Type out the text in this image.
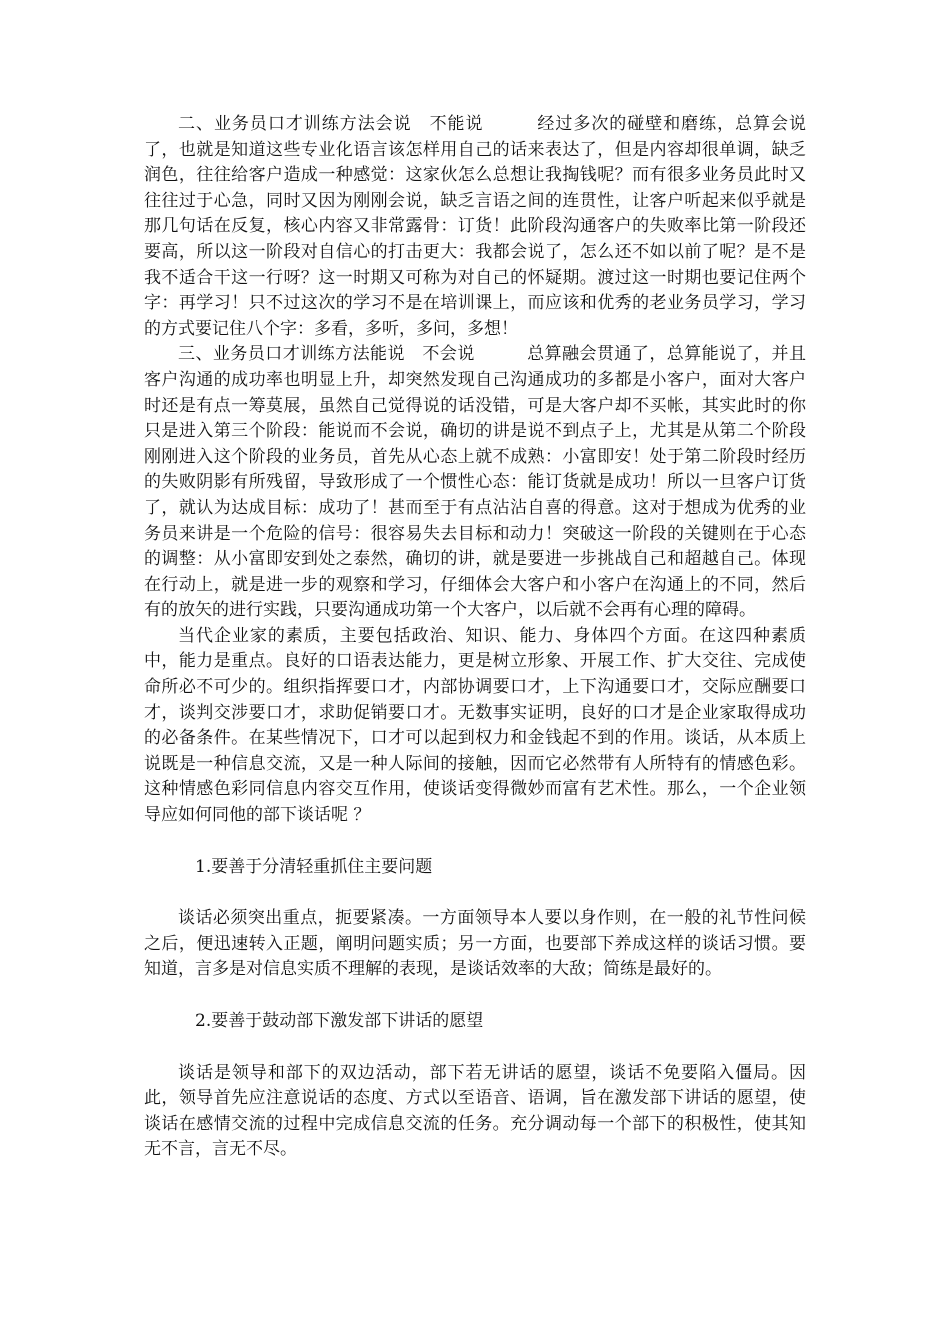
二、业务员口才训练方法会说　不能说　　　经过多次的碰壁和磨练，总算会说了，也就是知道这些专业化语言该怎样用自己的话来表达了，但是内容却很单调，缺乏润色，往往给客户造成一种感觉：这家伙怎么总想让我掏钱呢？而有很多业务员此时又往往过于心急，同时又因为刚刚会说，缺乏言语之间的连贯性，让客户听起来似乎就是那几句话在反复，核心内容又非常露骨：订货！此阶段沟通客户的失败率比第一阶段还要高，所以这一阶段对自信心的打击更大：我都会说了，怎么还不如以前了呢？是不是我不适合干这一行呀？这一时期又可称为对自己的怀疑期。渡过这一时期也要记住两个字：再学习！只不过这次的学习不是在培训课上，而应该和优秀的老业务员学习，学习的方式要记住八个字：多看，多听，多问，多想！

三、业务员口才训练方法能说　不会说　　　总算融会贯通了，总算能说了，并且客户沟通的成功率也明显上升，却突然发现自己沟通成功的多都是小客户，面对大客户时还是有点一筹莫展，虽然自己觉得说的话没错，可是大客户却不买帐，其实此时的你只是进入第三个阶段：能说而不会说，确切的讲是说不到点子上，尤其是从第二个阶段刚刚进入这个阶段的业务员，首先从心态上就不成熟：小富即安！处于第二阶段时经历的失败阴影有所残留，导致形成了一个惯性心态：能订货就是成功！所以一旦客户订货了，就认为达成目标：成功了！甚而至于有点沾沾自喜的得意。这对于想成为优秀的业务员来讲是一个危险的信号：很容易失去目标和动力！突破这一阶段的关键则在于心态的调整：从小富即安到处之泰然，确切的讲，就是要进一步挑战自己和超越自己。体现在行动上，就是进一步的观察和学习，仔细体会大客户和小客户在沟通上的不同，然后有的放矢的进行实践，只要沟通成功第一个大客户，以后就不会再有心理的障碍。

当代企业家的素质，主要包括政治、知识、能力、身体四个方面。在这四种素质中，能力是重点。良好的口语表达能力，更是树立形象、开展工作、扩大交往、完成使命所必不可少的。组织指挥要口才，内部协调要口才，上下沟通要口才，交际应酬要口才，谈判交涉要口才，求助促销要口才。无数事实证明，良好的口才是企业家取得成功的必备条件。在某些情况下，口才可以起到权力和金钱起不到的作用。谈话，从本质上说既是一种信息交流，又是一种人际间的接触，因而它必然带有人所特有的情感色彩。这种情感色彩同信息内容交互作用，使谈话变得微妙而富有艺术性。那么，一个企业领导应如何同他的部下谈话呢 ？

1.要善于分清轻重抓住主要问题

谈话必须突出重点，扼要紧凑。一方面领导本人要以身作则，在一般的礼节性问候之后，便迅速转入正题，阐明问题实质；另一方面，也要部下养成这样的谈话习惯。要知道，言多是对信息实质不理解的表现，是谈话效率的大敌；简练是最好的。

2.要善于鼓动部下激发部下讲话的愿望

谈话是领导和部下的双边活动，部下若无讲话的愿望，谈话不免要陷入僵局。因此，领导首先应注意说话的态度、方式以至语音、语调，旨在激发部下讲话的愿望，使谈话在感情交流的过程中完成信息交流的任务。充分调动每一个部下的积极性，使其知无不言，言无不尽。
